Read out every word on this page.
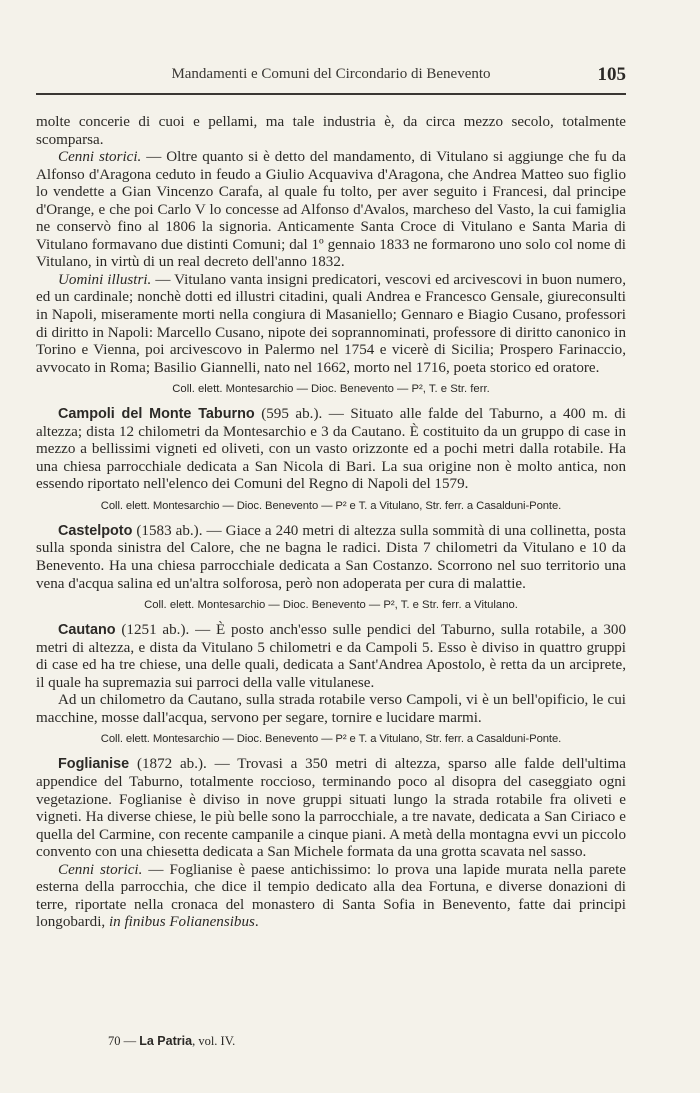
Mandamenti e Comuni del Circondario di Benevento	105

molte concerie di cuoi e pellami, ma tale industria è, da circa mezzo secolo, totalmente scomparsa.

Cenni storici. — Oltre quanto si è detto del mandamento, di Vitulano si aggiunge che fu da Alfonso d'Aragona ceduto in feudo a Giulio Acquaviva d'Aragona, che Andrea Matteo suo figlio lo vendette a Gian Vincenzo Carafa, al quale fu tolto, per aver seguito i Francesi, dal principe d'Orange, e che poi Carlo V lo concesse ad Alfonso d'Avalos, marcheso del Vasto, la cui famiglia ne conservò fino al 1806 la signoria. Anticamente Santa Croce di Vitulano e Santa Maria di Vitulano formavano due distinti Comuni; dal 1º gennaio 1833 ne formarono uno solo col nome di Vitulano, in virtù di un real decreto dell'anno 1832.

Uomini illustri. — Vitulano vanta insigni predicatori, vescovi ed arcivescovi in buon numero, ed un cardinale; nonchè dotti ed illustri citadini, quali Andrea e Francesco Gensale, giureconsulti in Napoli, miseramente morti nella congiura di Masaniello; Gennaro e Biagio Cusano, professori di diritto in Napoli: Marcello Cusano, nipote dei soprannominati, professore di diritto canonico in Torino e Vienna, poi arcivescovo in Palermo nel 1754 e vicerè di Sicilia; Prospero Farinaccio, avvocato in Roma; Basilio Giannelli, nato nel 1662, morto nel 1716, poeta storico ed oratore.

Coll. elett. Montesarchio — Dioc. Benevento — P², T. e Str. ferr.

Campoli del Monte Taburno (595 ab.). — Situato alle falde del Taburno, a 400 m. di altezza; dista 12 chilometri da Montesarchio e 3 da Cautano. È costituito da un gruppo di case in mezzo a bellissimi vigneti ed oliveti, con un vasto orizzonte ed a pochi metri dalla rotabile. Ha una chiesa parrocchiale dedicata a San Nicola di Bari. La sua origine non è molto antica, non essendo riportato nell'elenco dei Comuni del Regno di Napoli del 1579.

Coll. elett. Montesarchio — Dioc. Benevento — P² e T. a Vitulano, Str. ferr. a Casalduni-Ponte.

Castelpoto (1583 ab.). — Giace a 240 metri di altezza sulla sommità di una collinetta, posta sulla sponda sinistra del Calore, che ne bagna le radici. Dista 7 chilometri da Vitulano e 10 da Benevento. Ha una chiesa parrocchiale dedicata a San Costanzo. Scorrono nel suo territorio una vena d'acqua salina ed un'altra solforosa, però non adoperata per cura di malattie.

Coll. elett. Montesarchio — Dioc. Benevento — P², T. e Str. ferr. a Vitulano.

Cautano (1251 ab.). — È posto anch'esso sulle pendici del Taburno, sulla rotabile, a 300 metri di altezza, e dista da Vitulano 5 chilometri e da Campoli 5. Esso è diviso in quattro gruppi di case ed ha tre chiese, una delle quali, dedicata a Sant'Andrea Apostolo, è retta da un arciprete, il quale ha supremazia sui parroci della valle vitulanese.

Ad un chilometro da Cautano, sulla strada rotabile verso Campoli, vi è un bell'opificio, le cui macchine, mosse dall'acqua, servono per segare, tornire e lucidare marmi.

Coll. elett. Montesarchio — Dioc. Benevento — P² e T. a Vitulano, Str. ferr. a Casalduni-Ponte.

Foglianise (1872 ab.). — Trovasi a 350 metri di altezza, sparso alle falde dell'ultima appendice del Taburno, totalmente roccioso, terminando poco al disopra del caseggiato ogni vegetazione. Foglianise è diviso in nove gruppi situati lungo la strada rotabile fra oliveti e vigneti. Ha diverse chiese, le più belle sono la parrocchiale, a tre navate, dedicata a San Ciriaco e quella del Carmine, con recente campanile a cinque piani. A metà della montagna evvi un piccolo convento con una chiesetta dedicata a San Michele formata da una grotta scavata nel sasso.

Cenni storici. — Foglianise è paese antichissimo: lo prova una lapide murata nella parete esterna della parrocchia, che dice il tempio dedicato alla dea Fortuna, e diverse donazioni di terre, riportate nella cronaca del monastero di Santa Sofia in Benevento, fatte dai principi longobardi, in finibus Folianensibus.

70 — La Patria, vol. IV.
